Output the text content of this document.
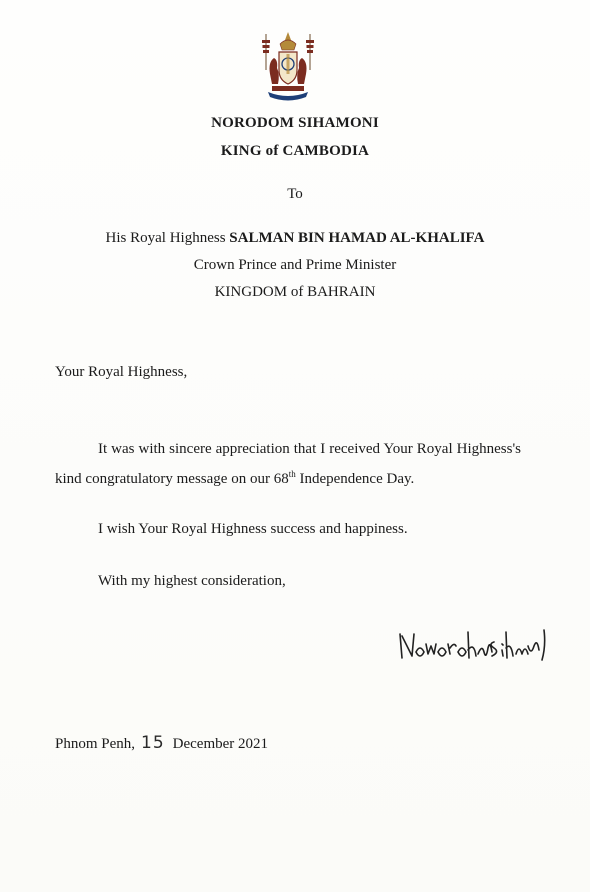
NORODOM SIHAMONI
KING of CAMBODIA
To
His Royal Highness SALMAN BIN HAMAD AL-KHALIFA
Crown Prince and Prime Minister
KINGDOM of BAHRAIN
Your Royal Highness,
It was with sincere appreciation that I received Your Royal Highness's kind congratulatory message on our 68th Independence Day.
I wish Your Royal Highness success and happiness.
With my highest consideration,
Phnom Penh, 15 December 2021
